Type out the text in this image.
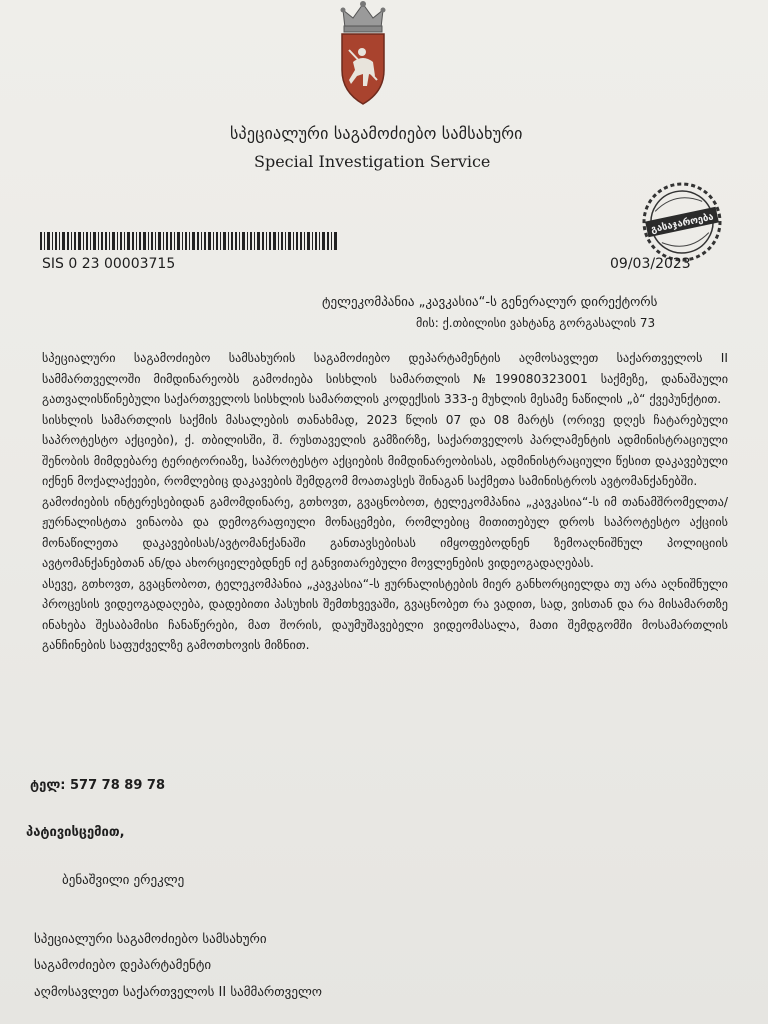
სპეციალური საგამოძიებო სამსახური
Special Investigation Service
გასაჯაროება
SIS 0 23 00003715	09/03/2023
ტელეკომპანია „კავკასია“-ს გენერალურ დირექტორს
მის: ქ.თბილისი ვახტანგ გორგასალის 73

სპეციალური საგამოძიებო სამსახურის საგამოძიებო დეპარტამენტის აღმოსავლეთ საქართველოს II სამმართველოში მიმდინარეობს გამოძიება სისხლის სამართლის №199080323001 საქმეზე, დანაშაული გათვალისწინებული საქართველოს სისხლის სამართლის კოდექსის 333-ე მუხლის მესამე ნაწილის „ბ“ ქვეპუნქტით.

სისხლის სამართლის საქმის მასალების თანახმად, 2023 წლის 07 და 08 მარტს (ორივე დღეს ჩატარებული საპროტესტო აქციები), ქ. თბილისში, შ. რუსთაველის გამზირზე, საქართველოს პარლამენტის ადმინისტრაციული შენობის მიმდებარე ტერიტორიაზე, საპროტესტო აქციების მიმდინარეობისას, ადმინისტრაციული წესით დაკავებული იქნენ მოქალაქეები, რომლებიც დაკავების შემდგომ მოათავსეს შინაგან საქმეთა სამინისტროს ავტომანქანებში.

გამოძიების ინტერესებიდან გამომდინარე, გთხოვთ, გვაცნობოთ, ტელეკომპანია „კავკასია“-ს იმ თანამშრომელთა/ჟურნალისტთა ვინაობა და დემოგრაფიული მონაცემები, რომლებიც მითითებულ დროს საპროტესტო აქციის მონაწილეთა დაკავებისას/ავტომანქანაში განთავსებისას იმყოფებოდნენ ზემოაღნიშნულ პოლიციის ავტომანქანებთან ან/და ახორციელებდნენ იქ განვითარებული მოვლენების ვიდეოგადაღებას.

ასევე, გთხოვთ, გვაცნობოთ, ტელეკომპანია „კავკასია“-ს ჟურნალისტების მიერ განხორციელდა თუ არა აღნიშნული პროცესის ვიდეოგადაღება, დადებითი პასუხის შემთხვევაში, გვაცნობეთ რა ვადით, სად, ვისთან და რა მისამართზე ინახება შესაბამისი ჩანაწერები, მათ შორის, დაუმუშავებელი ვიდეომასალა, მათი შემდგომში მოსამართლის განჩინების საფუძველზე გამოთხოვის მიზნით.

ტელ: 577 78 89 78
პატივისცემით,
ბენაშვილი ერეკლე
სპეციალური საგამოძიებო სამსახური
საგამოძიებო დეპარტამენტი
აღმოსავლეთ საქართველოს II სამმართველო
